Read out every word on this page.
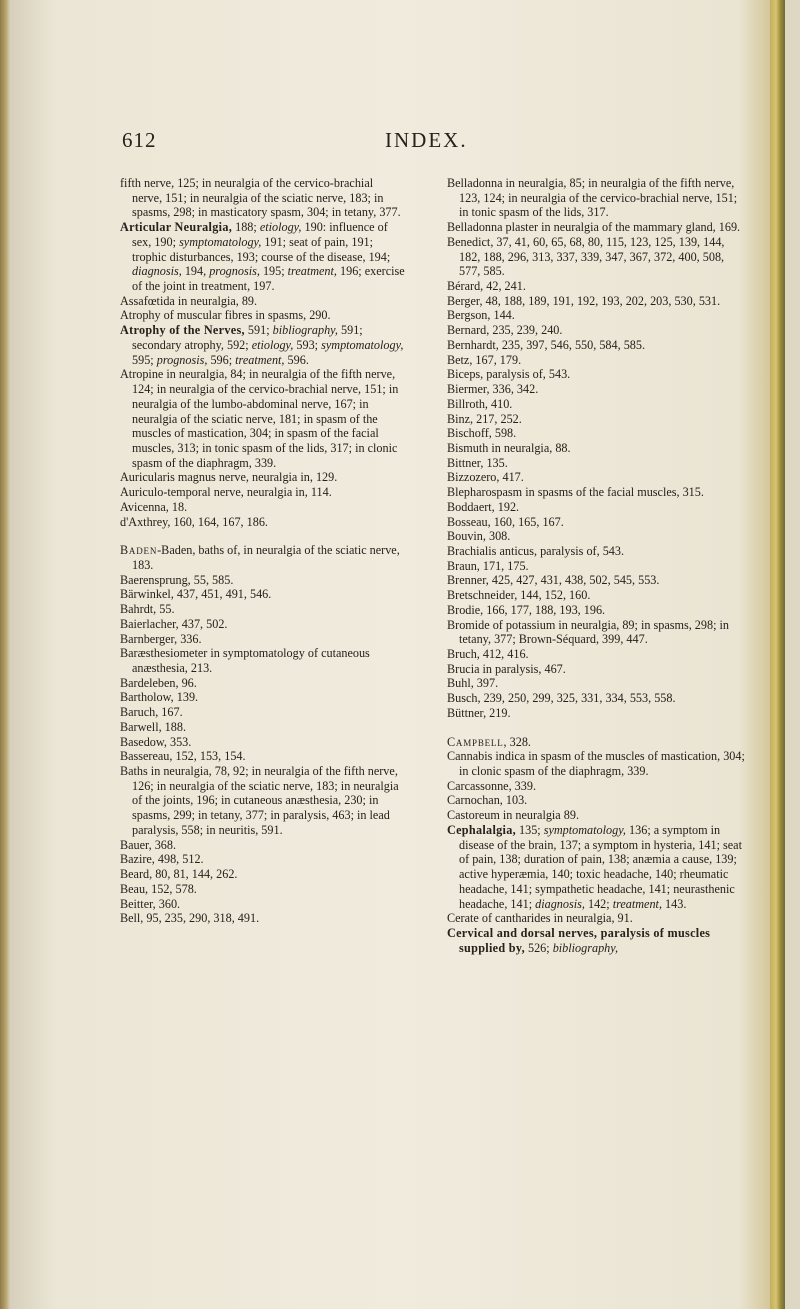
612	INDEX.
fifth nerve, 125; in neuralgia of the cervico-brachial nerve, 151; in neuralgia of the sciatic nerve, 183; in spasms, 298; in masticatory spasm, 304; in tetany, 377.
Articular Neuralgia, 188; etiology, 190: influence of sex, 190; symptomatology, 191; seat of pain, 191; trophic disturbances, 193; course of the disease, 194; diagnosis, 194, prognosis, 195; treatment, 196; exercise of the joint in treatment, 197.
Assafœtida in neuralgia, 89.
Atrophy of muscular fibres in spasms, 290.
Atrophy of the Nerves, 591; bibliography, 591; secondary atrophy, 592; etiology, 593; symptomatology, 595; prognosis, 596; treatment, 596.
Atropine in neuralgia, 84; in neuralgia of the fifth nerve, 124; in neuralgia of the cervico-brachial nerve, 151; in neuralgia of the lumbo-abdominal nerve, 167; in neuralgia of the sciatic nerve, 181; in spasm of the muscles of mastication, 304; in spasm of the facial muscles, 313; in tonic spasm of the lids, 317; in clonic spasm of the diaphragm, 339.
Auricularis magnus nerve, neuralgia in, 129.
Auriculo-temporal nerve, neuralgia in, 114.
Avicenna, 18.
d'Axthrey, 160, 164, 167, 186.
Baden-Baden, baths of, in neuralgia of the sciatic nerve, 183.
Baerensprung, 55, 585.
Bärwinkel, 437, 451, 491, 546.
Bahrdt, 55.
Baierlacher, 437, 502.
Barnberger, 336.
Baræsthesiometer in symptomatology of cutaneous anæsthesia, 213.
Bardeleben, 96.
Bartholow, 139.
Baruch, 167.
Barwell, 188.
Basedow, 353.
Bassereau, 152, 153, 154.
Baths in neuralgia, 78, 92; in neuralgia of the fifth nerve, 126; in neuralgia of the sciatic nerve, 183; in neuralgia of the joints, 196; in cutaneous anæsthesia, 230; in spasms, 299; in tetany, 377; in paralysis, 463; in lead paralysis, 558; in neuritis, 591.
Bauer, 368.
Bazire, 498, 512.
Beard, 80, 81, 144, 262.
Beau, 152, 578.
Beitter, 360.
Bell, 95, 235, 290, 318, 491.
Belladonna in neuralgia, 85; in neuralgia of the fifth nerve, 123, 124; in neuralgia of the cervico-brachial nerve, 151; in tonic spasm of the lids, 317.
Belladonna plaster in neuralgia of the mammary gland, 169.
Benedict, 37, 41, 60, 65, 68, 80, 115, 123, 125, 139, 144, 182, 188, 296, 313, 337, 339, 347, 367, 372, 400, 508, 577, 585.
Bérard, 42, 241.
Berger, 48, 188, 189, 191, 192, 193, 202, 203, 530, 531.
Bergson, 144.
Bernard, 235, 239, 240.
Bernhardt, 235, 397, 546, 550, 584, 585.
Betz, 167, 179.
Biceps, paralysis of, 543.
Biermer, 336, 342.
Billroth, 410.
Binz, 217, 252.
Bischoff, 598.
Bismuth in neuralgia, 88.
Bittner, 135.
Bizzozero, 417.
Blepharospasm in spasms of the facial muscles, 315.
Boddaert, 192.
Bosseau, 160, 165, 167.
Bouvin, 308.
Brachialis anticus, paralysis of, 543.
Braun, 171, 175.
Brenner, 425, 427, 431, 438, 502, 545, 553.
Bretschneider, 144, 152, 160.
Brodie, 166, 177, 188, 193, 196.
Bromide of potassium in neuralgia, 89; in spasms, 298; in tetany, 377; Brown-Séquard, 399, 447.
Bruch, 412, 416.
Brucia in paralysis, 467.
Buhl, 397.
Busch, 239, 250, 299, 325, 331, 334, 553, 558.
Büttner, 219.
Campbell, 328.
Cannabis indica in spasm of the muscles of mastication, 304; in clonic spasm of the diaphragm, 339.
Carcassonne, 339.
Carnochan, 103.
Castoreum in neuralgia 89.
Cephalalgia, 135; symptomatology, 136; a symptom in disease of the brain, 137; a symptom in hysteria, 141; seat of pain, 138; duration of pain, 138; anæmia a cause, 139; active hyperæmia, 140; toxic headache, 140; rheumatic headache, 141; sympathetic headache, 141; neurasthenic headache, 141; diagnosis, 142; treatment, 143.
Cerate of cantharides in neuralgia, 91.
Cervical and dorsal nerves, paralysis of muscles supplied by, 526; bibliography,
